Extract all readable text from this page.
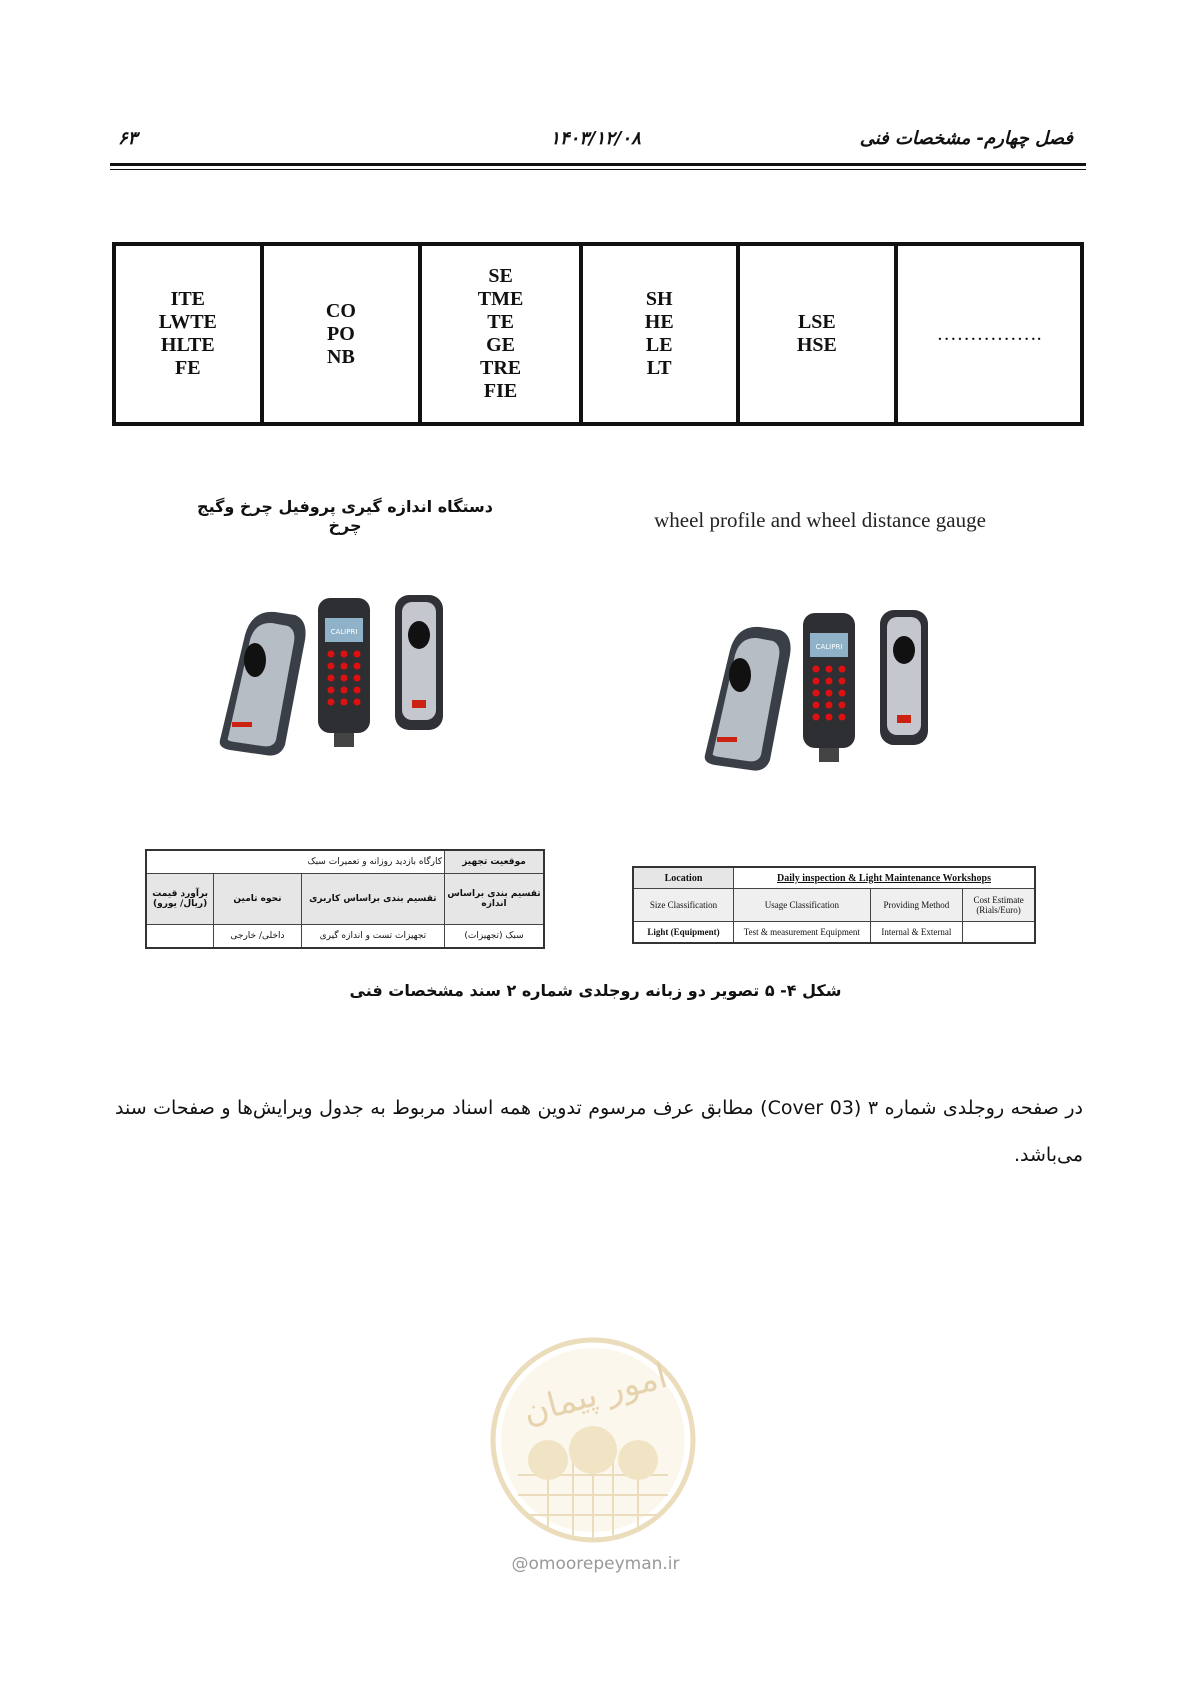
فصل چهارم- مشخصات فنی
۱۴۰۳/۱۲/۰۸
۶۳
ITE
LWTE
HLTE
FE

CO
PO
NB

SE
TME
TE
GE
TRE
FIE

SH
HE
LE
LT

LSE
HSE

…………….
دستگاه اندازه گیری پروفیل چرخ وگیج چرخ	wheel profile and wheel distance gauge
CALIPRI
CALIPRI
موقعیت تجهیز	کارگاه بازدید روزانه و تعمیرات سبک		
تقسیم بندی براساس اندازه	تقسیم بندی براساس کاربری	نحوه تامین	برآورد قیمت (ریال/ یورو)
سبک (تجهیزات)	تجهیزات تست و اندازه گیری	داخلی/ خارجی	
Location	Daily inspection & Light Maintenance Workshops		
Size Classification	Usage Classification	Providing Method	Cost Estimate (Rials/Euro)
Light (Equipment)	Test & measurement Equipment	Internal & External	
شکل ۴- ۵ تصویر دو زبانه روجلدی شماره ۲ سند مشخصات فنی
در صفحه روجلدی شماره ۳ (Cover 03) مطابق عرف مرسوم تدوین همه اسناد مربوط به جدول ویرایش‌ها و صفحات سند می‌باشد.
امور پیمان
@omoorepeyman.ir
